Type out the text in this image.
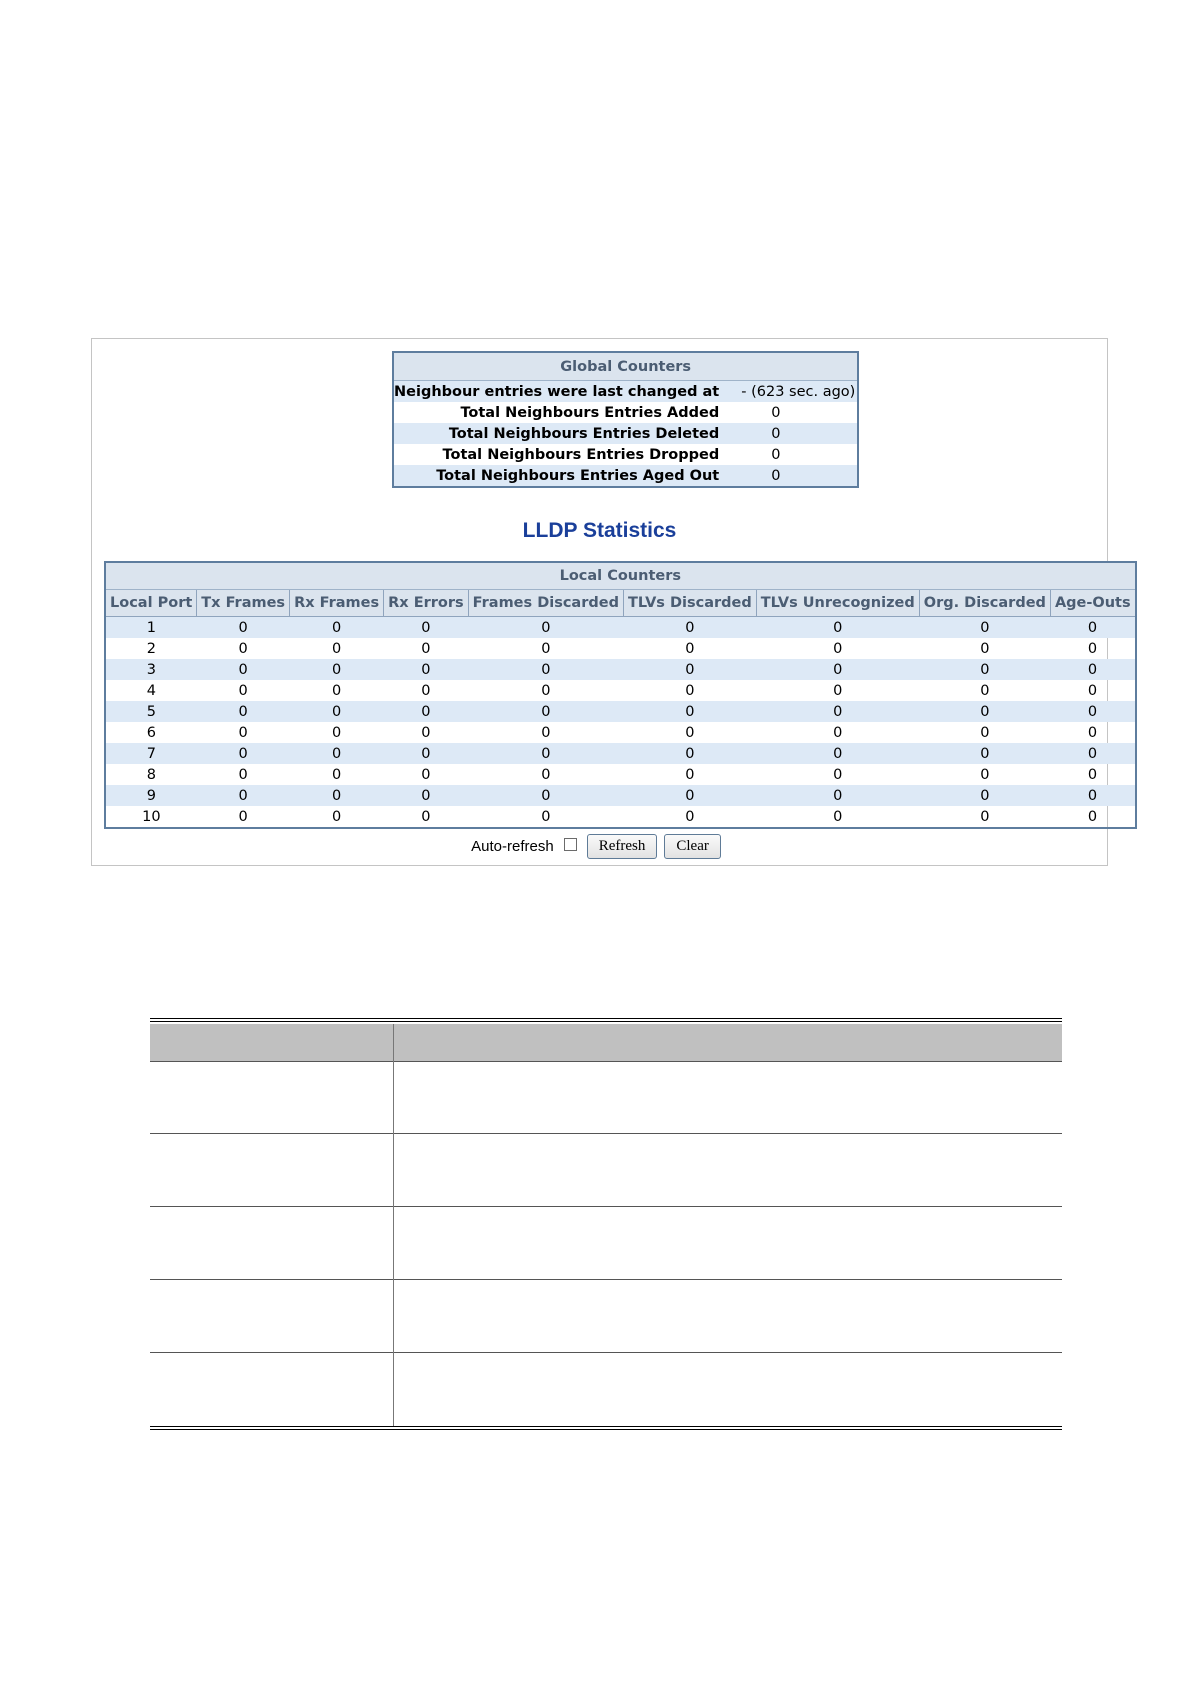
Global Counters	
Neighbour entries were last changed at	- (623 sec. ago)
Total Neighbours Entries Added	0
Total Neighbours Entries Deleted	0
Total Neighbours Entries Dropped	0
Total Neighbours Entries Aged Out	0
LLDP Statistics
Local Counters								
Local Port	Tx Frames	Rx Frames	Rx Errors	Frames Discarded	TLVs Discarded	TLVs Unrecognized	Org. Discarded	Age-Outs
1	0	0	0	0	0	0	0	0
2	0	0	0	0	0	0	0	0
3	0	0	0	0	0	0	0	0
4	0	0	0	0	0	0	0	0
5	0	0	0	0	0	0	0	0
6	0	0	0	0	0	0	0	0
7	0	0	0	0	0	0	0	0
8	0	0	0	0	0	0	0	0
9	0	0	0	0	0	0	0	0
10	0	0	0	0	0	0	0	0
Auto-refresh	Refresh	Clear
